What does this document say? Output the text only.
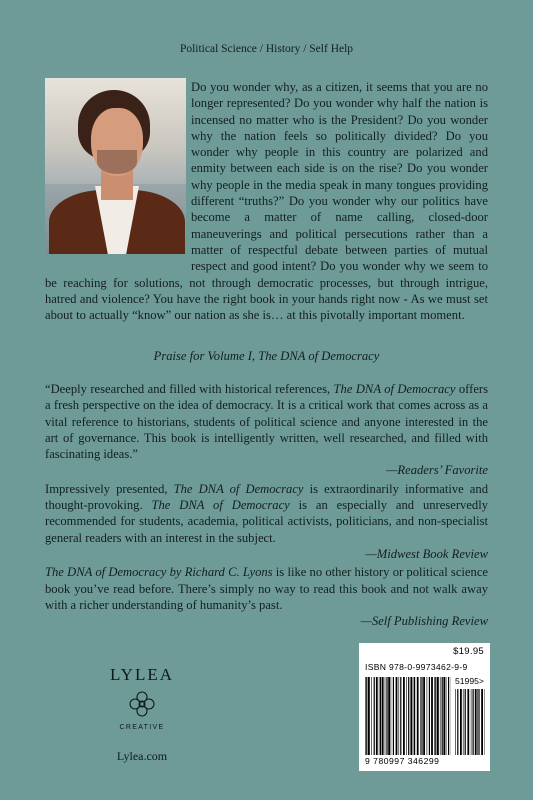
Political Science / History / Self Help

Do you wonder why, as a citizen, it seems that you are no longer represented? Do you wonder why half the nation is incensed no matter who is the President? Do you wonder why the nation feels so politically divided? Do you wonder why people in this country are polarized and enmity between each side is on the rise? Do you wonder why people in the media speak in many tongues providing different “truths?” Do you wonder why our politics have become a matter of name calling, closed-door maneuverings and political persecutions rather than a matter of respectful debate between parties of mutual respect and good intent? Do you wonder why we seem to be reaching for solutions, not through democratic processes, but through intrigue, hatred and violence? You have the right book in your hands right now - As we must set about to actually “know” our nation as she is… at this pivotally important moment.

Praise for Volume I, The DNA of Democracy

“Deeply researched and filled with historical references, The DNA of Democracy offers a fresh perspective on the idea of democracy. It is a critical work that comes across as a vital reference to historians, students of political science and anyone interested in the art of governance. This book is intelligently written, well researched, and filled with fascinating ideas.”

—Readers’ Favorite

Impressively presented, The DNA of Democracy is extraordinarily informative and thought-provoking. The DNA of Democracy is an especially and unreservedly recommended for students, academia, political activists, politicians, and non-specialist general readers with an interest in the subject.

—Midwest Book Review

The DNA of Democracy by Richard C. Lyons is like no other history or political science book you’ve read before. There’s simply no way to read this book and not walk away with a richer understanding of humanity’s past.

—Self Publishing Review

LYLEA
CREATIVE
Lylea.com
$19.95
ISBN 978-0-9973462-9-9
51995>
9 780997 346299
